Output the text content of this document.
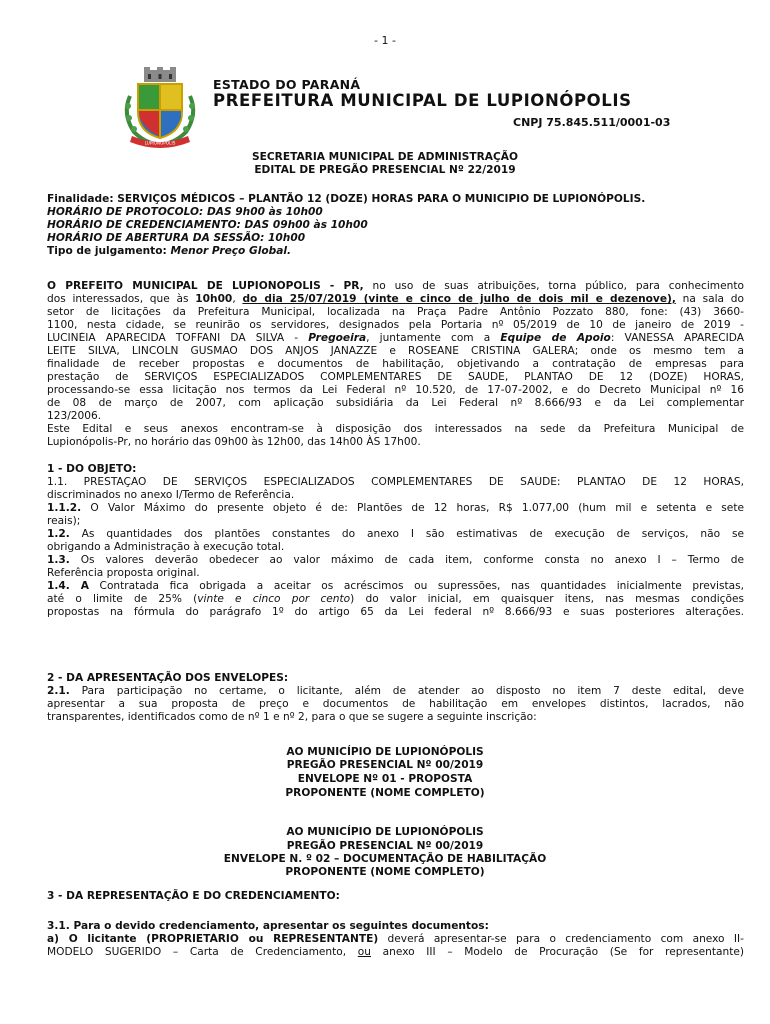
- 1 -
LUPIONÓPOLIS
ESTADO DO PARANÁ
PREFEITURA MUNICIPAL DE LUPIONÓPOLIS
CNPJ 75.845.511/0001-03
SECRETARIA MUNICIPAL DE ADMINISTRAÇÃO
EDITAL DE PREGÃO PRESENCIAL Nº 22/2019
Finalidade: SERVIÇOS MÉDICOS – PLANTÃO 12 (DOZE) HORAS PARA O MUNICIPIO DE LUPIONÓPOLIS.
HORÁRIO DE PROTOCOLO: DAS 9h00 às 10h00
HORÁRIO DE CREDENCIAMENTO: DAS 09h00 às 10h00
HORÁRIO DE ABERTURA DA SESSÃO: 10h00
Tipo de julgamento: Menor Preço Global.
O PREFEITO MUNICIPAL DE LUPIONÓPOLIS - PR, no uso de suas atribuições, torna público, para conhecimento
dos interessados, que às 10h00, do dia 25/07/2019 (vinte e cinco de julho de dois mil e dezenove), na sala do
setor de licitações da Prefeitura Municipal, localizada na Praça Padre Antônio Pozzato 880, fone: (43) 3660-
1100, nesta cidade, se reunirão os servidores, designados pela Portaria nº 05/2019 de 10 de janeiro de 2019 -
LUCINÉIA APARECIDA TOFFANI DA SILVA - Pregoeira, juntamente com a Equipe de Apoio: VANESSA APARECIDA
LEITE SILVA, LINCOLN GUSMÃO DOS ANJOS JANAZZE e ROSEANE CRISTINA GALERA; onde os mesmo tem a
finalidade de receber propostas e documentos de habilitação, objetivando a contratação de empresas para
prestação de SERVIÇOS ESPECIALIZADOS COMPLEMENTARES DE SAÚDE, PLANTÃO DE 12 (DOZE) HORAS,
processando-se essa licitação nos termos da Lei Federal nº 10.520, de 17-07-2002, e do Decreto Municipal nº 16
de 08 de março de 2007, com aplicação subsidiária da Lei Federal nº 8.666/93 e da Lei complementar
123/2006.
Este Edital e seus anexos encontram-se à disposição dos interessados na sede da Prefeitura Municipal de
Lupionópolis-Pr, no horário das 09h00 às 12h00, das 14h00 ÀS 17h00.
1 - DO OBJETO:
1.1. PRESTAÇÃO DE SERVIÇOS ESPECIALIZADOS COMPLEMENTARES DE SAÚDE: PLANTÃO DE 12 HORAS,
discriminados no anexo I/Termo de Referência.
1.1.2. O Valor Máximo do presente objeto é de: Plantões de 12 horas, R$ 1.077,00 (hum mil e setenta e sete
reais);
1.2. As quantidades dos plantões constantes do anexo I são estimativas de execução de serviços, não se
obrigando a Administração à execução total.
1.3. Os valores deverão obedecer ao valor máximo de cada item, conforme consta no anexo I – Termo de
Referência proposta original.
1.4. A Contratada fica obrigada a aceitar os acréscimos ou supressões, nas quantidades inicialmente previstas,
até o limite de 25% (vinte e cinco por cento) do valor inicial, em quaisquer itens, nas mesmas condições
propostas na fórmula do parágrafo 1º do artigo 65 da Lei federal nº 8.666/93 e suas posteriores alterações.
2 - DA APRESENTAÇÃO DOS ENVELOPES:
2.1. Para participação no certame, o licitante, além de atender ao disposto no item 7 deste edital, deve
apresentar a sua proposta de preço e documentos de habilitação em envelopes distintos, lacrados, não
transparentes, identificados como de nº 1 e nº 2, para o que se sugere a seguinte inscrição:
AO MUNICÍPIO DE LUPIONÓPOLIS
PREGÃO PRESENCIAL Nº 00/2019
ENVELOPE Nº 01 - PROPOSTA
PROPONENTE (NOME COMPLETO)
AO MUNICÍPIO DE LUPIONÓPOLIS
PREGÃO PRESENCIAL Nº 00/2019
ENVELOPE N. º 02 – DOCUMENTAÇÃO DE HABILITAÇÃO
PROPONENTE (NOME COMPLETO)
3 - DA REPRESENTAÇÃO E DO CREDENCIAMENTO:
3.1. Para o devido credenciamento, apresentar os seguintes documentos:
a) O licitante (PROPRIETÁRIO ou REPRESENTANTE) deverá apresentar-se para o credenciamento com anexo II-
MODELO SUGERIDO – Carta de Credenciamento, ou anexo III – Modelo de Procuração (Se for representante)
